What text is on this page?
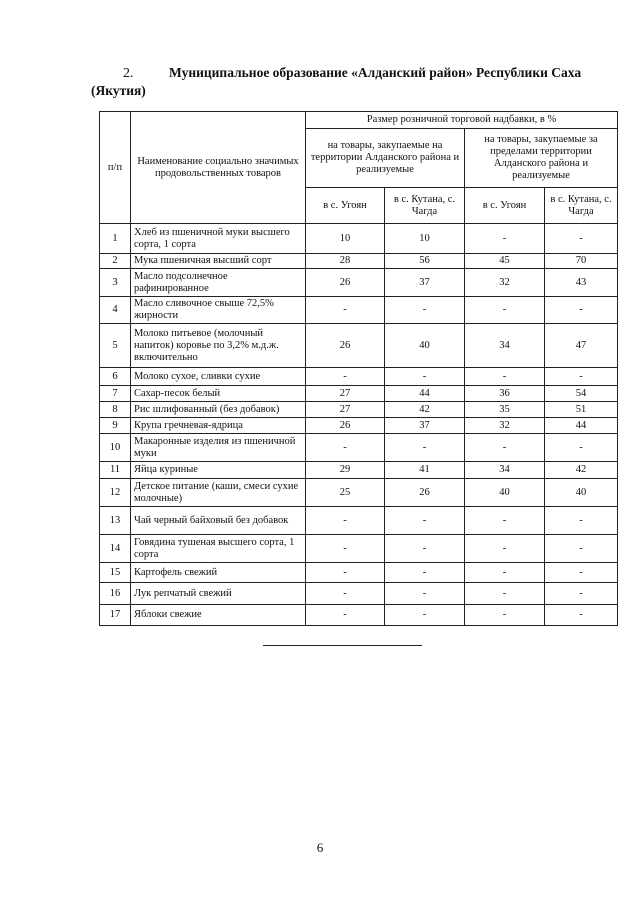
2.	Муниципальное образование «Алданский район» Республики Саха (Якутия)
п/п	Наименование социально значимых продовольственных товаров	Размер розничной торговой надбавки, в %			
		на товары, закупаемые на территории Алданского района и реализуемые		на товары, закупаемые за пределами территории Алданского района и реализуемые	
		в с. Угоян	в с. Кутана, с. Чагда	в с. Угоян	в с. Кутана, с. Чагда
1	Хлеб из пшеничной муки высшего сорта, 1 сорта	10	10	-	-
2	Мука пшеничная высший сорт	28	56	45	70
3	Масло подсолнечное рафинированное	26	37	32	43
4	Масло сливочное свыше 72,5% жирности	-	-	-	-
5	Молоко питьевое (молочный напиток) коровье по 3,2% м.д.ж. включительно	26	40	34	47
6	Молоко сухое, сливки сухие	-	-	-	-
7	Сахар-песок белый	27	44	36	54
8	Рис шлифованный (без добавок)	27	42	35	51
9	Крупа гречневая-ядрица	26	37	32	44
10	Макаронные изделия из пшеничной муки	-	-	-	-
11	Яйца куриные	29	41	34	42
12	Детское питание (каши, смеси сухие молочные)	25	26	40	40
13	Чай черный байховый без добавок	-	-	-	-
14	Говядина тушеная высшего сорта, 1 сорта	-	-	-	-
15	Картофель свежий	-	-	-	-
16	Лук репчатый свежий	-	-	-	-
17	Яблоки свежие	-	-	-	-
6
